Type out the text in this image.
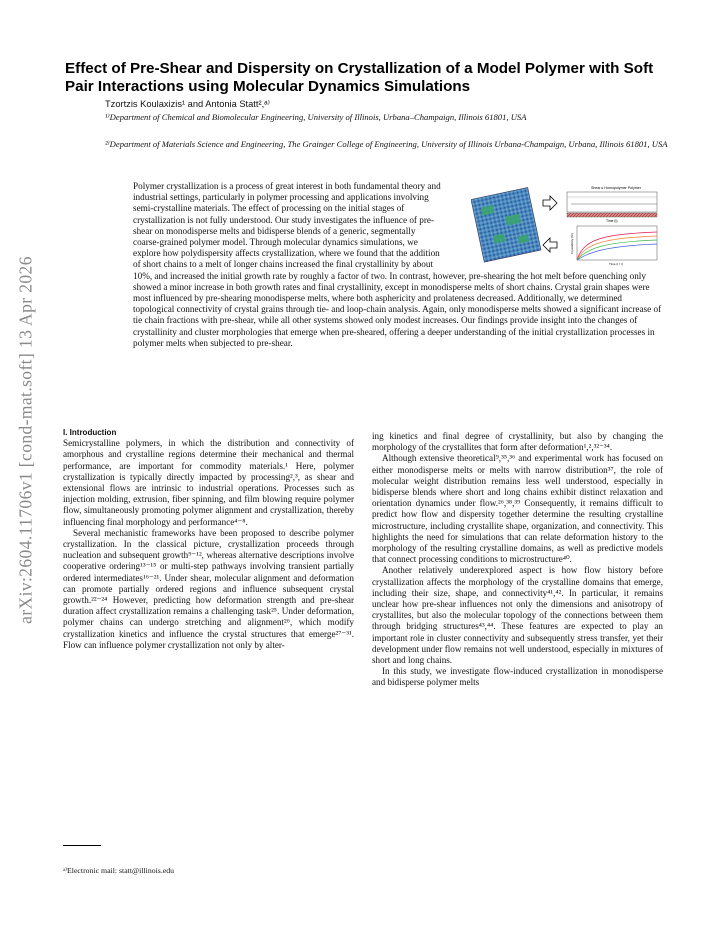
arXiv:2604.11706v1 [cond-mat.soft] 13 Apr 2026
Effect of Pre-Shear and Dispersity on Crystallization of a Model Polymer with Soft Pair Interactions using Molecular Dynamics Simulations
Tzortzis Koulaxizis¹ and Antonia Statt²,ᵃ⁾
¹⁾Department of Chemical and Biomolecular Engineering, University of Illinois, Urbana–Champaign, Illinois 61801, USA
²⁾Department of Materials Science and Engineering, The Grainger College of Engineering, University of Illinois Urbana-Champaign, Urbana, Illinois 61801, USA
Polymer crystallization is a process of great interest in both fundamental theory and industrial settings, particularly in polymer processing and applications involving semi-crystalline materials. The effect of processing on the initial stages of crystallization is not fully understood. Our study investigates the influence of pre-shear on monodisperse melts and bidisperse blends of a generic, segmentally coarse-grained polymer model. Through molecular dynamics simulations, we explore how polydispersity affects crystallization, where we found that the addition of short chains to a melt of longer chains increased the final crystallinity by about 10%, and increased the initial growth rate by roughly a factor of two. In contrast, however, pre-shearing the hot melt before quenching only showed a minor increase in both growth rates and final crystallinity, except in monodisperse melts of short chains. Crystal grain shapes were most influenced by pre-shearing monodisperse melts, where both asphericity and prolateness decreased. Additionally, we determined topological connectivity of crystal grains through tie- and loop-chain analysis. Again, only monodisperse melts showed a significant increase of tie chain fractions with pre-shear, while all other systems showed only modest increases. Our findings provide insight into the changes of crystallinity and cluster morphologies that emerge when pre-sheared, offering a deeper understanding of the initial crystallization processes in polymer melts when subjected to pre-shear.
Shear ▸ Homopolymer Polymer
Time (t)
Crystallinity (%)
Time (t / τ)

I. Introduction

Semicrystalline polymers, in which the distribution and connectivity of amorphous and crystalline regions determine their mechanical and thermal performance, are important for commodity materials.¹ Here, polymer crystallization is typically directly impacted by processing²,³, as shear and extensional flows are intrinsic to industrial operations. Processes such as injection molding, extrusion, fiber spinning, and film blowing require polymer flow, simultaneously promoting polymer alignment and crystallization, thereby influencing final morphology and performance⁴⁻⁸.

Several mechanistic frameworks have been proposed to describe polymer crystallization. In the classical picture, crystallization proceeds through nucleation and subsequent growth⁹⁻¹², whereas alternative descriptions involve cooperative ordering¹³⁻¹⁵ or multi-step pathways involving transient partially ordered intermediates¹⁶⁻²¹. Under shear, molecular alignment and deformation can promote partially ordered regions and influence subsequent crystal growth.²²⁻²⁴ However, predicting how deformation strength and pre-shear duration affect crystallization remains a challenging task²⁵. Under deformation, polymer chains can undergo stretching and alignment²⁶, which modify crystallization kinetics and influence the crystal structures that emerge²⁷⁻³¹. Flow can influence polymer crystallization not only by alter-

ing kinetics and final degree of crystallinity, but also by changing the morphology of the crystallites that form after deformation¹,²,³²⁻³⁴.

Although extensive theoretical⁹,³⁵,³⁶ and experimental work has focused on either monodisperse melts or melts with narrow distribution³⁷, the role of molecular weight distribution remains less well understood, especially in bidisperse blends where short and long chains exhibit distinct relaxation and orientation dynamics under flow.²⁶,³⁸,³⁹ Consequently, it remains difficult to predict how flow and dispersity together determine the resulting crystalline microstructure, including crystallite shape, organization, and connectivity. This highlights the need for simulations that can relate deformation history to the morphology of the resulting crystalline domains, as well as predictive models that connect processing conditions to microstructure⁴⁰.

Another relatively underexplored aspect is how flow history before crystallization affects the morphology of the crystalline domains that emerge, including their size, shape, and connectivity⁴¹,⁴². In particular, it remains unclear how pre-shear influences not only the dimensions and anisotropy of crystallites, but also the molecular topology of the connections between them through bridging structures⁴³,⁴⁴. These features are expected to play an important role in cluster connectivity and subsequently stress transfer, yet their development under flow remains not well understood, especially in mixtures of short and long chains.

In this study, we investigate flow-induced crystallization in monodisperse and bidisperse polymer melts

ᵃ⁾Electronic mail: statt@illinois.edu
